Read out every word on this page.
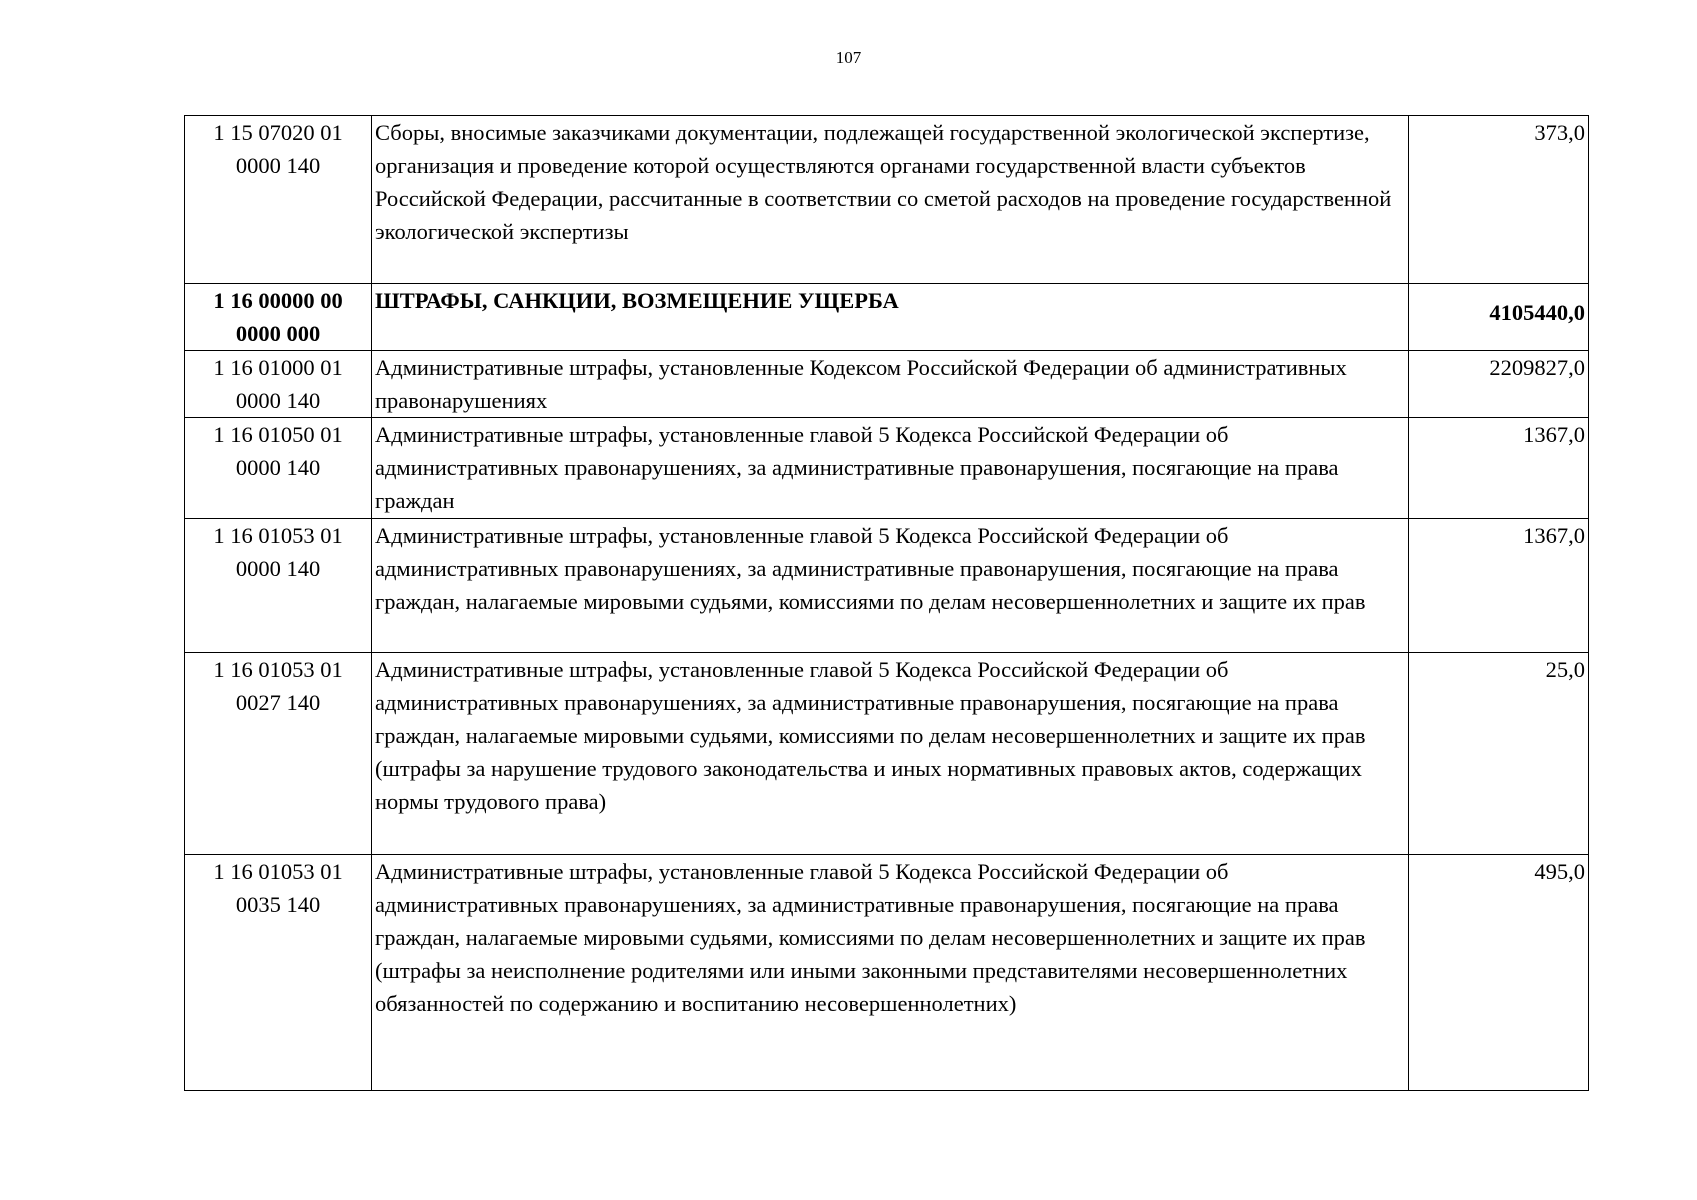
107
1 15 07020 01
0000 140	Сборы, вносимые заказчиками документации, подлежащей государственной экологической экспертизе, организация и проведение которой осуществляются органами государственной власти субъектов Российской Федерации, рассчитанные в соответствии со сметой расходов на проведение государственной экологической экспертизы	373,0
1 16 00000 00
0000 000	ШТРАФЫ, САНКЦИИ, ВОЗМЕЩЕНИЕ УЩЕРБА	4105440,0
1 16 01000 01
0000 140	Административные штрафы, установленные Кодексом Российской Федерации об административных правонарушениях	2209827,0
1 16 01050 01
0000 140	Административные штрафы, установленные главой 5 Кодекса Российской Федерации об административных правонарушениях, за административные правонарушения, посягающие на права граждан	1367,0
1 16 01053 01
0000 140	Административные штрафы, установленные главой 5 Кодекса Российской Федерации об административных правонарушениях, за административные правонарушения, посягающие на права граждан, налагаемые мировыми судьями, комиссиями по делам несовершеннолетних и защите их прав	1367,0
1 16 01053 01
0027 140	Административные штрафы, установленные главой 5 Кодекса Российской Федерации об административных правонарушениях, за административные правонарушения, посягающие на права граждан, налагаемые мировыми судьями, комиссиями по делам несовершеннолетних и защите их прав (штрафы за нарушение трудового законодательства и иных нормативных правовых актов, содержащих нормы трудового права)	25,0
1 16 01053 01
0035 140	Административные штрафы, установленные главой 5 Кодекса Российской Федерации об административных правонарушениях, за административные правонарушения, посягающие на права граждан, налагаемые мировыми судьями, комиссиями по делам несовершеннолетних и защите их прав (штрафы за неисполнение родителями или иными законными представителями несовершеннолетних обязанностей по содержанию и воспитанию несовершеннолетних)	495,0
